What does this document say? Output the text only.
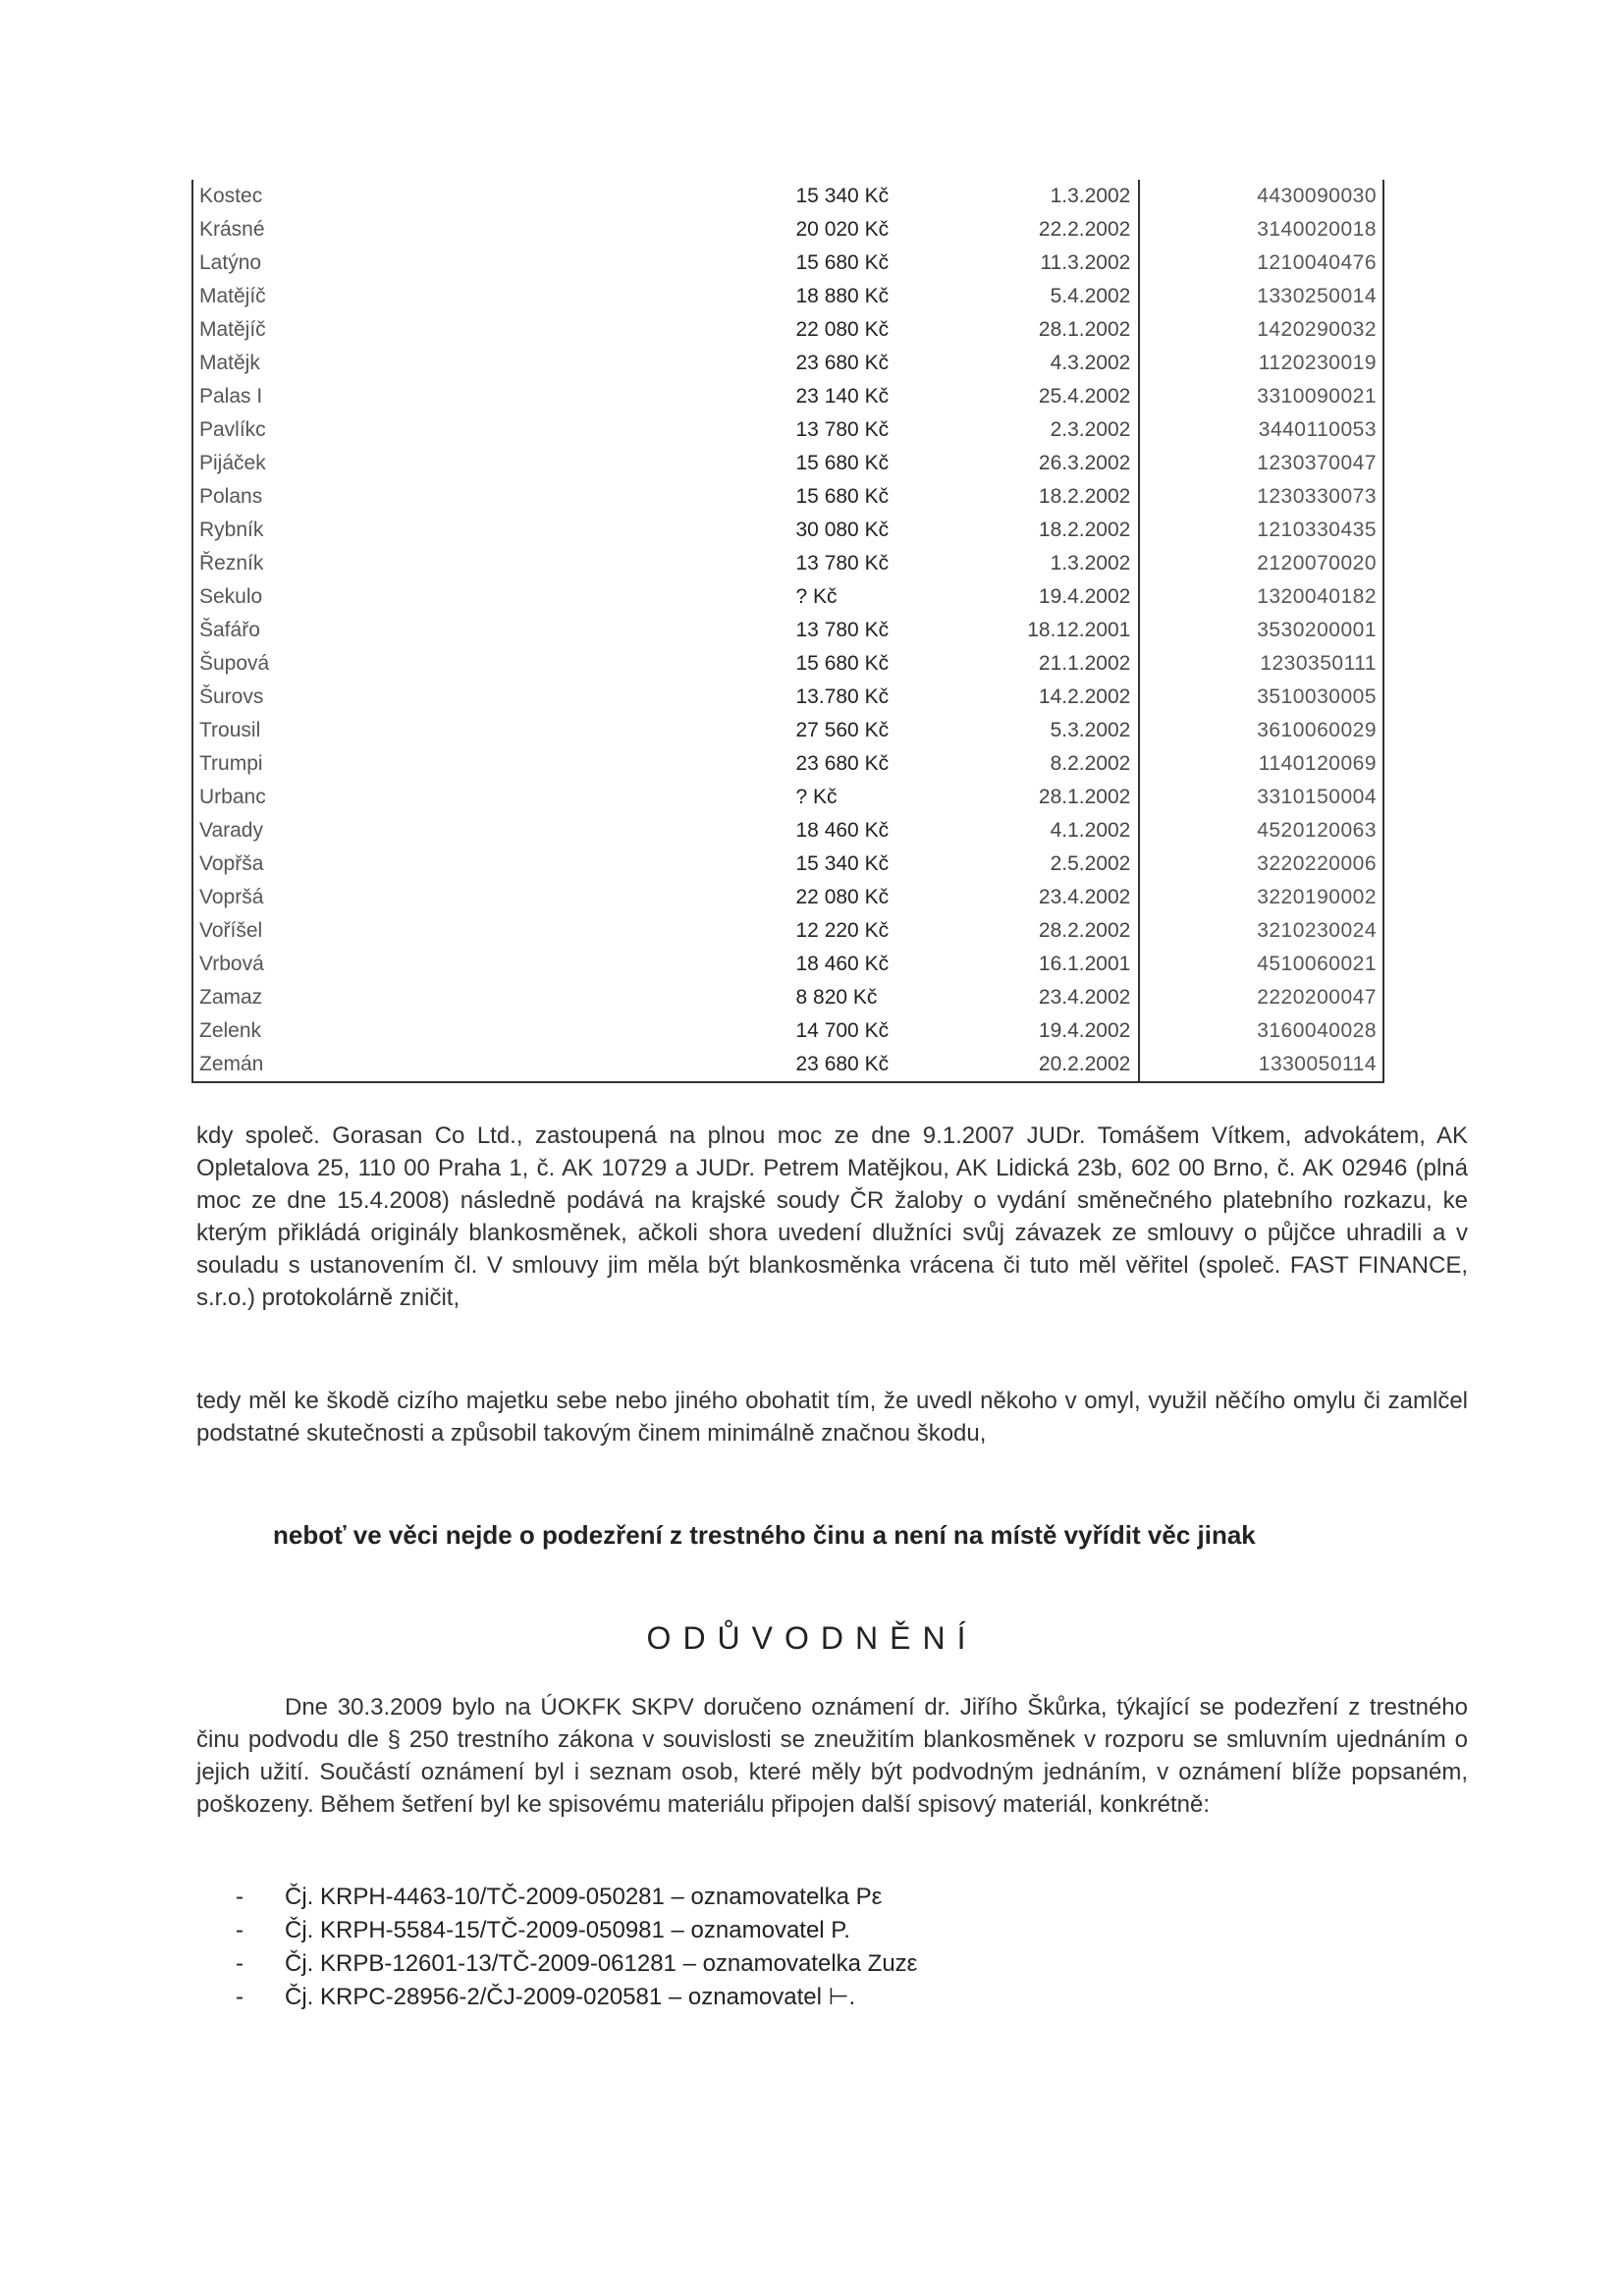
Kostec		15 340 Kč	1.3.2002	4430090030
Krásné		20 020 Kč	22.2.2002	3140020018
Latýno		15 680 Kč	11.3.2002	1210040476
Matějíč		18 880 Kč	5.4.2002	1330250014
Matějíč		22 080 Kč	28.1.2002	1420290032
Matějk		23 680 Kč	4.3.2002	1120230019
Palas I		23 140 Kč	25.4.2002	3310090021
Pavlíkc		13 780 Kč	2.3.2002	3440110053
Pijáček		15 680 Kč	26.3.2002	1230370047
Polans		15 680 Kč	18.2.2002	1230330073
Rybník		30 080 Kč	18.2.2002	1210330435
Řezník		13 780 Kč	1.3.2002	2120070020
Sekulo		? Kč	19.4.2002	1320040182
Šafářo		13 780 Kč	18.12.2001	3530200001
Šupová		15 680 Kč	21.1.2002	1230350111
Šurovs		13.780 Kč	14.2.2002	3510030005
Trousil		27 560 Kč	5.3.2002	3610060029
Trumpi		23 680 Kč	8.2.2002	1140120069
Urbanc		? Kč	28.1.2002	3310150004
Varady		18 460 Kč	4.1.2002	4520120063
Vopřša		15 340 Kč	2.5.2002	3220220006
Vopršá		22 080 Kč	23.4.2002	3220190002
Voříšel		12 220 Kč	28.2.2002	3210230024
Vrbová		18 460 Kč	16.1.2001	4510060021
Zamaz		8 820 Kč	23.4.2002	2220200047
Zelenk		14 700 Kč	19.4.2002	3160040028
Zemán		23 680 Kč	20.2.2002	1330050114
kdy společ. Gorasan Co Ltd., zastoupená na plnou moc ze dne 9.1.2007 JUDr. Tomášem Vítkem, advokátem, AK Opletalova 25, 110 00 Praha 1, č. AK 10729 a JUDr. Petrem Matějkou, AK Lidická 23b, 602 00 Brno, č. AK 02946 (plná moc ze dne 15.4.2008) následně podává na krajské soudy ČR žaloby o vydání směnečného platebního rozkazu, ke kterým přikládá originály blankosměnek, ačkoli shora uvedení dlužníci svůj závazek ze smlouvy o půjčce uhradili a v souladu s ustanovením čl. V smlouvy jim měla být blankosměnka vrácena či tuto měl věřitel (společ. FAST FINANCE, s.r.o.) protokolárně zničit,
tedy měl ke škodě cizího majetku sebe nebo jiného obohatit tím, že uvedl někoho v omyl, využil něčího omylu či zamlčel podstatné skutečnosti a způsobil takovým činem minimálně značnou škodu,
neboť ve věci nejde o podezření z trestného činu a není na místě vyřídit věc jinak
ODŮVODNĚNÍ
Dne 30.3.2009 bylo na ÚOKFK SKPV doručeno oznámení dr. Jiřího Škůrka, týkající se podezření z trestného činu podvodu dle § 250 trestního zákona v souvislosti se zneužitím blankosměnek v rozporu se smluvním ujednáním o jejich užití. Součástí oznámení byl i seznam osob, které měly být podvodným jednáním, v oznámení blíže popsaném, poškozeny. Během šetření byl ke spisovému materiálu připojen další spisový materiál, konkrétně:
- Čj. KRPH-4463-10/TČ-2009-050281 – oznamovatelka Pε
- Čj. KRPH-5584-15/TČ-2009-050981 – oznamovatel P.
- Čj. KRPB-12601-13/TČ-2009-061281 – oznamovatelka Zuzε
- Čj. KRPC-28956-2/ČJ-2009-020581 – oznamovatel ⊢.
